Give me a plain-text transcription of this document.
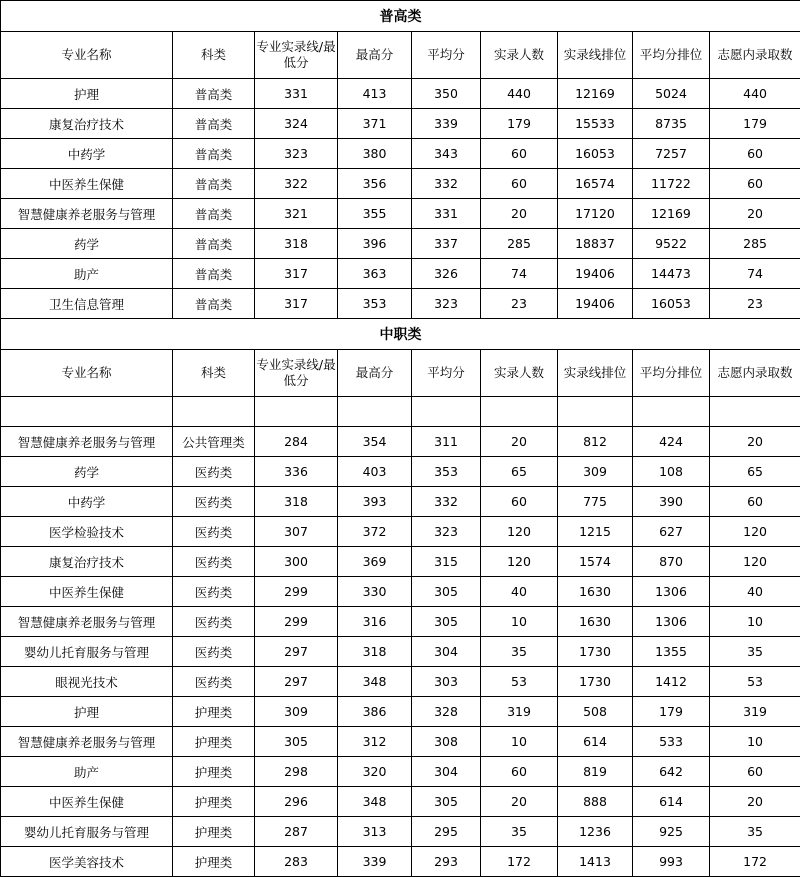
普高类								
专业名称	科类	专业实录线/最低分	最高分	平均分	实录人数	实录线排位	平均分排位	志愿内录取数
护理	普高类	331	413	350	440	12169	5024	440
康复治疗技术	普高类	324	371	339	179	15533	8735	179
中药学	普高类	323	380	343	60	16053	7257	60
中医养生保健	普高类	322	356	332	60	16574	11722	60
智慧健康养老服务与管理	普高类	321	355	331	20	17120	12169	20
药学	普高类	318	396	337	285	18837	9522	285
助产	普高类	317	363	326	74	19406	14473	74
卫生信息管理	普高类	317	353	323	23	19406	16053	23
中职类								
专业名称	科类	专业实录线/最低分	最高分	平均分	实录人数	实录线排位	平均分排位	志愿内录取数

智慧健康养老服务与管理	公共管理类	284	354	311	20	812	424	20
药学	医药类	336	403	353	65	309	108	65
中药学	医药类	318	393	332	60	775	390	60
医学检验技术	医药类	307	372	323	120	1215	627	120
康复治疗技术	医药类	300	369	315	120	1574	870	120
中医养生保健	医药类	299	330	305	40	1630	1306	40
智慧健康养老服务与管理	医药类	299	316	305	10	1630	1306	10
婴幼儿托育服务与管理	医药类	297	318	304	35	1730	1355	35
眼视光技术	医药类	297	348	303	53	1730	1412	53
护理	护理类	309	386	328	319	508	179	319
智慧健康养老服务与管理	护理类	305	312	308	10	614	533	10
助产	护理类	298	320	304	60	819	642	60
中医养生保健	护理类	296	348	305	20	888	614	20
婴幼儿托育服务与管理	护理类	287	313	295	35	1236	925	35
医学美容技术	护理类	283	339	293	172	1413	993	172
